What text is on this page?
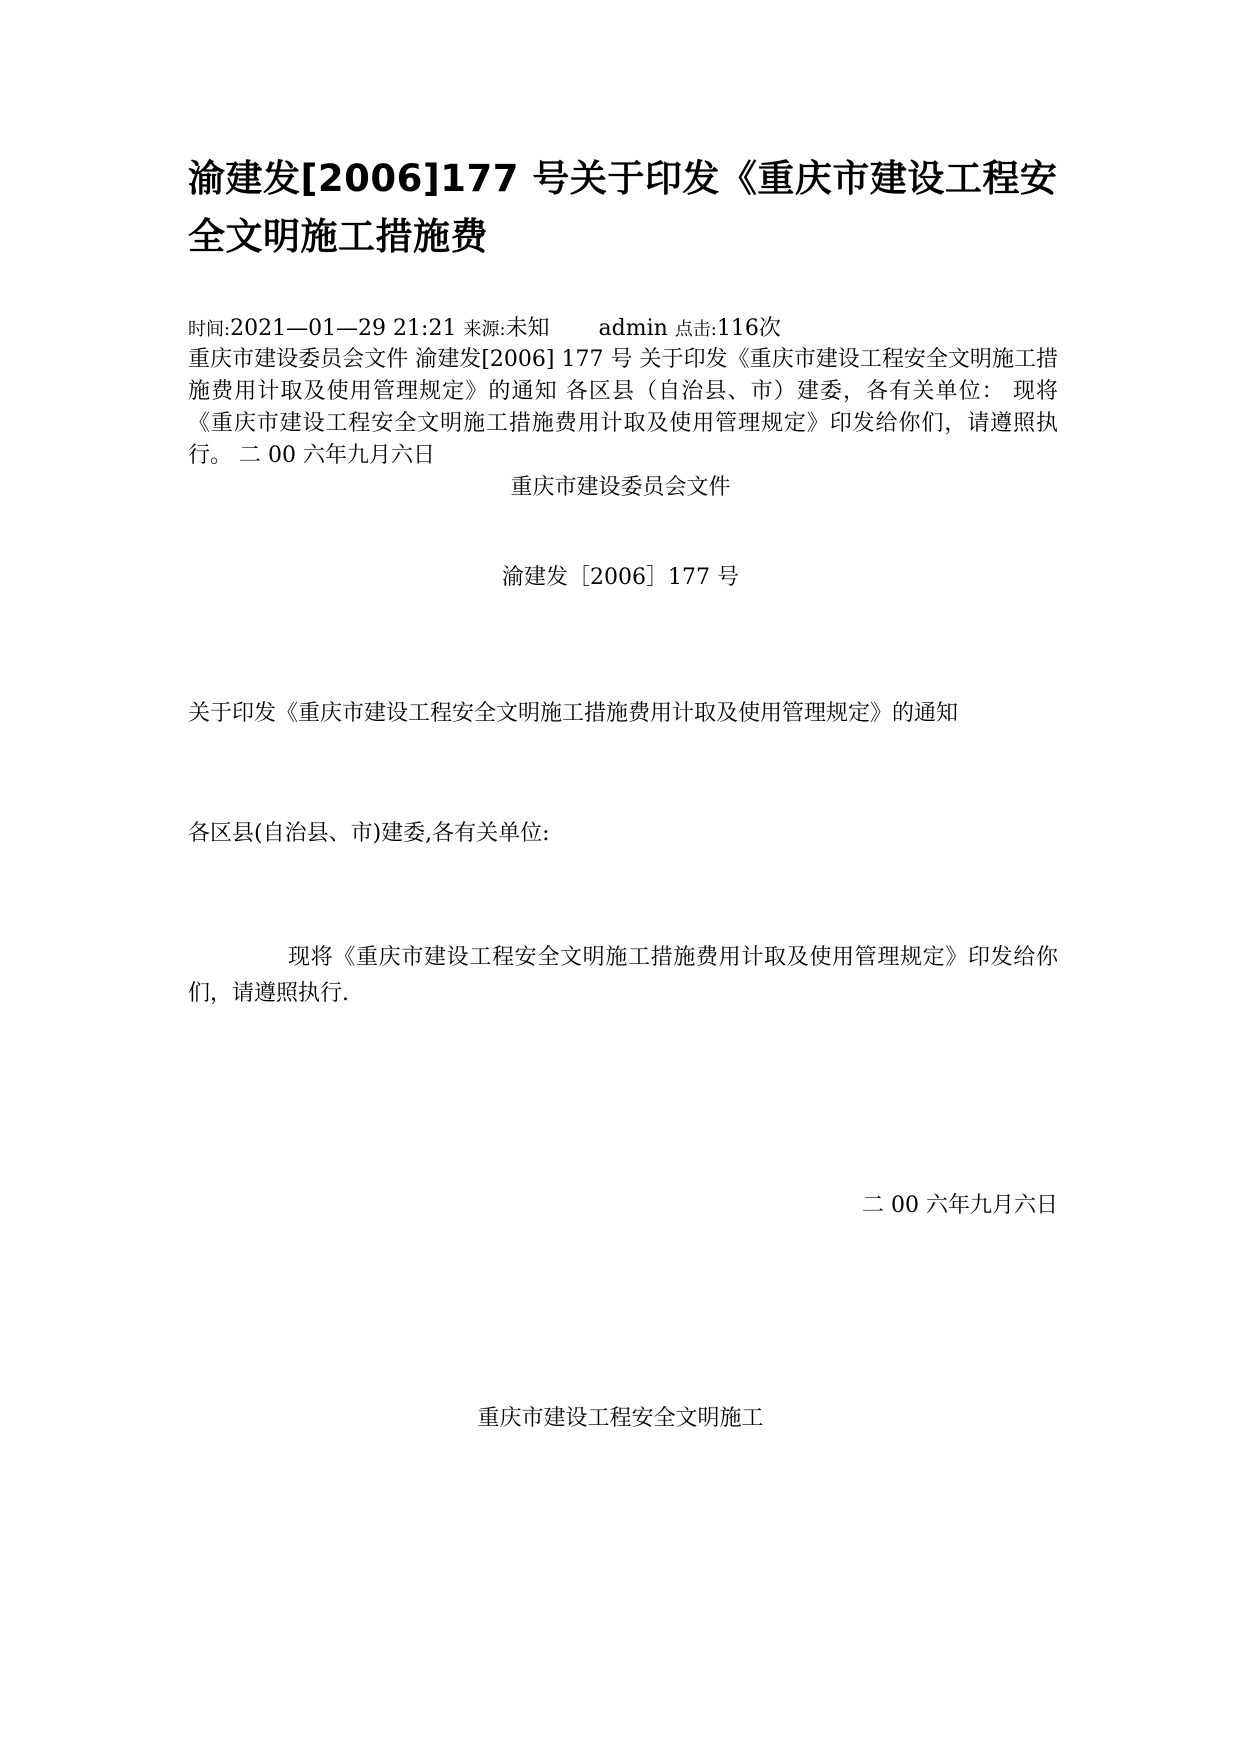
渝建发[2006]177 号关于印发《重庆市建设工程安全文明施工措施费
时间:2021—01—29 21:21 来源:未知 admin 点击:116次
重庆市建设委员会文件 渝建发[2006] 177 号 关于印发《重庆市建设工程安全文明施工措施费用计取及使用管理规定》的通知 各区县（自治县、市）建委，各有关单位： 现将《重庆市建设工程安全文明施工措施费用计取及使用管理规定》印发给你们，请遵照执行。 二 00 六年九月六日
重庆市建设委员会文件
渝建发［2006］177 号
关于印发《重庆市建设工程安全文明施工措施费用计取及使用管理规定》的通知
各区县(自治县、市)建委,各有关单位:
现将《重庆市建设工程安全文明施工措施费用计取及使用管理规定》印发给你们，请遵照执行.
二 00 六年九月六日
重庆市建设工程安全文明施工
